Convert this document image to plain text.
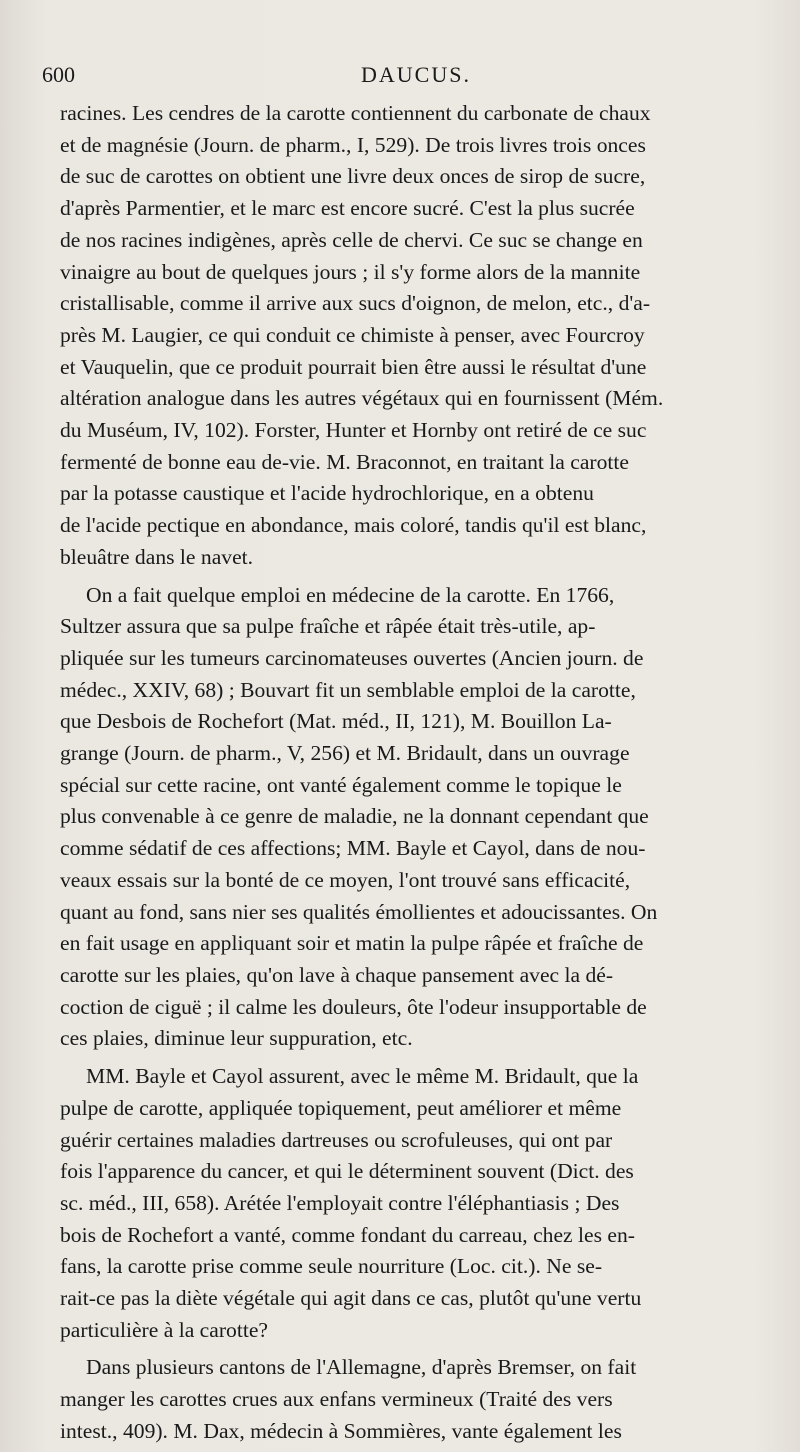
600	DAUCUS.
racines. Les cendres de la carotte contiennent du carbonate de chaux
et de magnésie (Journ. de pharm., I, 529). De trois livres trois onces
de suc de carottes on obtient une livre deux onces de sirop de sucre,
d'après Parmentier, et le marc est encore sucré. C'est la plus sucrée
de nos racines indigènes, après celle de chervi. Ce suc se change en
vinaigre au bout de quelques jours ; il s'y forme alors de la mannite
cristallisable, comme il arrive aux sucs d'oignon, de melon, etc., d'a-
près M. Laugier, ce qui conduit ce chimiste à penser, avec Fourcroy
et Vauquelin, que ce produit pourrait bien être aussi le résultat d'une
altération analogue dans les autres végétaux qui en fournissent (Mém.
du Muséum, IV, 102). Forster, Hunter et Hornby ont retiré de ce suc
fermenté de bonne eau de-vie. M. Braconnot, en traitant la carotte
par la potasse caustique et l'acide hydrochlorique, en a obtenu
de l'acide pectique en abondance, mais coloré, tandis qu'il est blanc,
bleuâtre dans le navet.
On a fait quelque emploi en médecine de la carotte. En 1766,
Sultzer assura que sa pulpe fraîche et râpée était très-utile, ap-
pliquée sur les tumeurs carcinomateuses ouvertes (Ancien journ. de
médec., XXIV, 68) ; Bouvart fit un semblable emploi de la carotte,
que Desbois de Rochefort (Mat. méd., II, 121), M. Bouillon La-
grange (Journ. de pharm., V, 256) et M. Bridault, dans un ouvrage
spécial sur cette racine, ont vanté également comme le topique le
plus convenable à ce genre de maladie, ne la donnant cependant que
comme sédatif de ces affections; MM. Bayle et Cayol, dans de nou-
veaux essais sur la bonté de ce moyen, l'ont trouvé sans efficacité,
quant au fond, sans nier ses qualités émollientes et adoucissantes. On
en fait usage en appliquant soir et matin la pulpe râpée et fraîche de
carotte sur les plaies, qu'on lave à chaque pansement avec la dé-
coction de ciguë ; il calme les douleurs, ôte l'odeur insupportable de
ces plaies, diminue leur suppuration, etc.
MM. Bayle et Cayol assurent, avec le même M. Bridault, que la
pulpe de carotte, appliquée topiquement, peut améliorer et même
guérir certaines maladies dartreuses ou scrofuleuses, qui ont par
fois l'apparence du cancer, et qui le déterminent souvent (Dict. des
sc. méd., III, 658). Arétée l'employait contre l'éléphantiasis ; Des
bois de Rochefort a vanté, comme fondant du carreau, chez les en-
fans, la carotte prise comme seule nourriture (Loc. cit.). Ne se-
rait-ce pas la diète végétale qui agit dans ce cas, plutôt qu'une vertu
particulière à la carotte?
Dans plusieurs cantons de l'Allemagne, d'après Bremser, on fait
manger les carottes crues aux enfans vermineux (Traité des vers
intest., 409). M. Dax, médecin à Sommières, vante également les
